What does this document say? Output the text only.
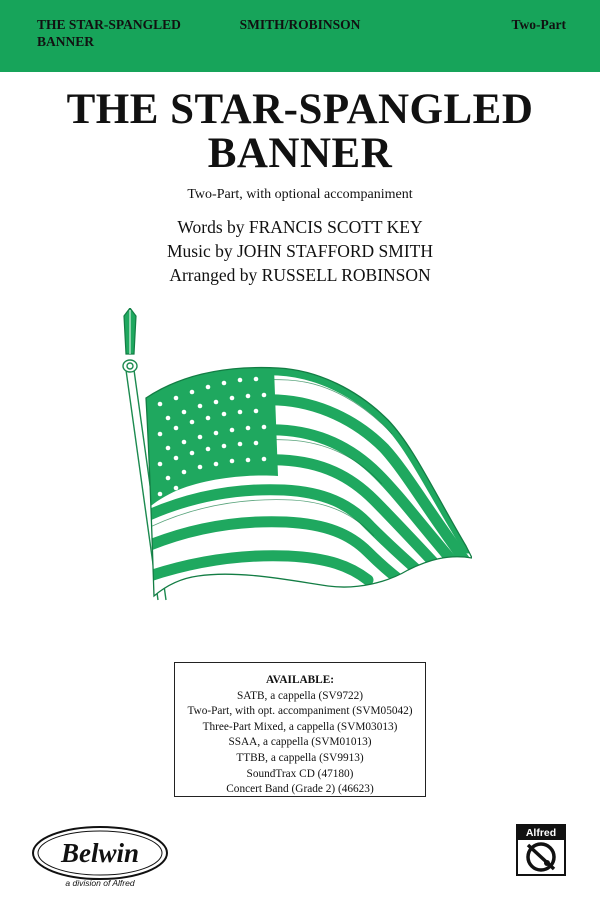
THE STAR-SPANGLED
BANNER
SMITH/ROBINSON	Two-Part
THE STAR-SPANGLED
BANNER
Two-Part, with optional accompaniment
Words by FRANCIS SCOTT KEY
Music by JOHN STAFFORD SMITH
Arranged by RUSSELL ROBINSON
AVAILABLE:
SATB, a cappella (SV9722)
Two-Part, with opt. accompaniment (SVM05042)
Three-Part Mixed, a cappella (SVM03013)
SSAA, a cappella (SVM01013)
TTBB, a cappella (SV9913)
SoundTrax CD (47180)
Concert Band (Grade 2) (46623)
Belwin
a division of Alfred
Alfred
